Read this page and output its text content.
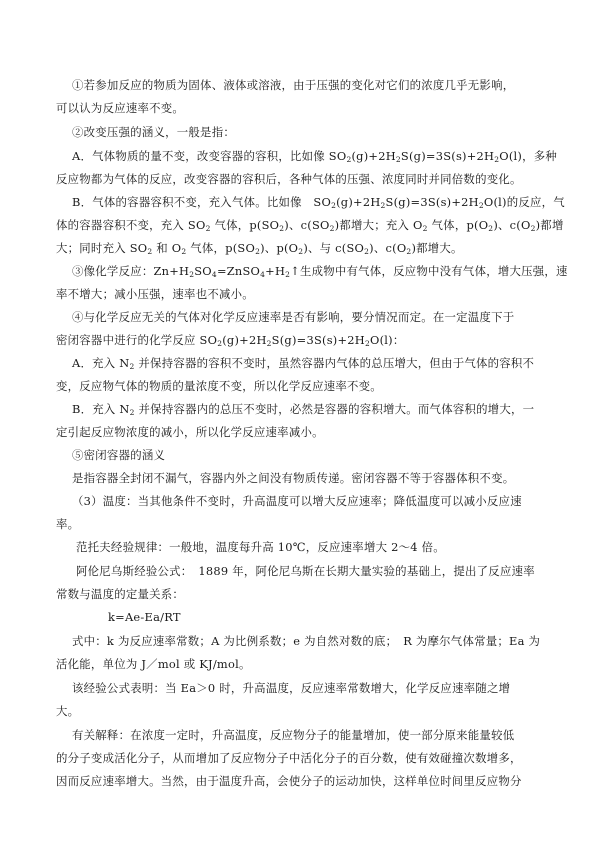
①若参加反应的物质为固体、液体或溶液，由于压强的变化对它们的浓度几乎无影响，
可以认为反应速率不变。
②改变压强的涵义，一般是指：
A．气体物质的量不变，改变容器的容积，比如像 $SO_2(g)+2H_2S(g)=3S(s)+2H_2O(l)$，多种
反应物都为气体的反应，改变容器的容积后，各种气体的压强、浓度同时并同倍数的变化。
B．气体的容器容积不变，充入气体。比如像　$SO_2(g)+2H_2S(g)=3S(s)+2H_2O(l)$的反应，气
体的容器容积不变，充入 $SO_2$ 气体，$p(SO_2)$、$c(SO_2)$都增大；充入 $O_2$ 气体，$p(O_2)$、$c(O_2)$都增
大；同时充入 $SO_2$ 和 $O_2$ 气体，$p(SO_2)$、$p(O_2)$、与 $c(SO_2)$、$c(O_2)$都增大。
③像化学反应：$Zn+H_2SO_4=ZnSO_4+H_2↑$生成物中有气体，反应物中没有气体，增大压强，速
率不增大；减小压强，速率也不减小。
④与化学反应无关的气体对化学反应速率是否有影响，要分情况而定。在一定温度下于
密闭容器中进行的化学反应 $SO_2(g)+2H_2S(g)=3S(s)+2H_2O(l)$：
A．充入 $N_2$ 并保持容器的容积不变时，虽然容器内气体的总压增大，但由于气体的容积不
变，反应物气体的物质的量浓度不变，所以化学反应速率不变。
B．充入 $N_2$ 并保持容器内的总压不变时，必然是容器的容积增大。而气体容积的增大，一
定引起反应物浓度的减小，所以化学反应速率减小。
⑤密闭容器的涵义
是指容器全封闭不漏气，容器内外之间没有物质传递。密闭容器不等于容器体积不变。
（3）温度：当其他条件不变时，升高温度可以增大反应速率；降低温度可以减小反应速
率。
范托夫经验规律：一般地，温度每升高 10℃，反应速率增大 2～4 倍。
阿伦尼乌斯经验公式：　1889 年，阿伦尼乌斯在长期大量实验的基础上，提出了反应速率
常数与温度的定量关系：
k=Ae-Ea/RT
式中：k 为反应速率常数；A 为比例系数；e 为自然对数的底；　R 为摩尔气体常量；Ea 为
活化能，单位为 J／mol 或 KJ/mol。
该经验公式表明：当 Ea＞0 时，升高温度，反应速率常数增大，化学反应速率随之增
大。
有关解释：在浓度一定时，升高温度，反应物分子的能量增加，使一部分原来能量较低
的分子变成活化分子，从而增加了反应物分子中活化分子的百分数，使有效碰撞次数增多，
因而反应速率增大。当然，由于温度升高，会使分子的运动加快，这样单位时间里反应物分
